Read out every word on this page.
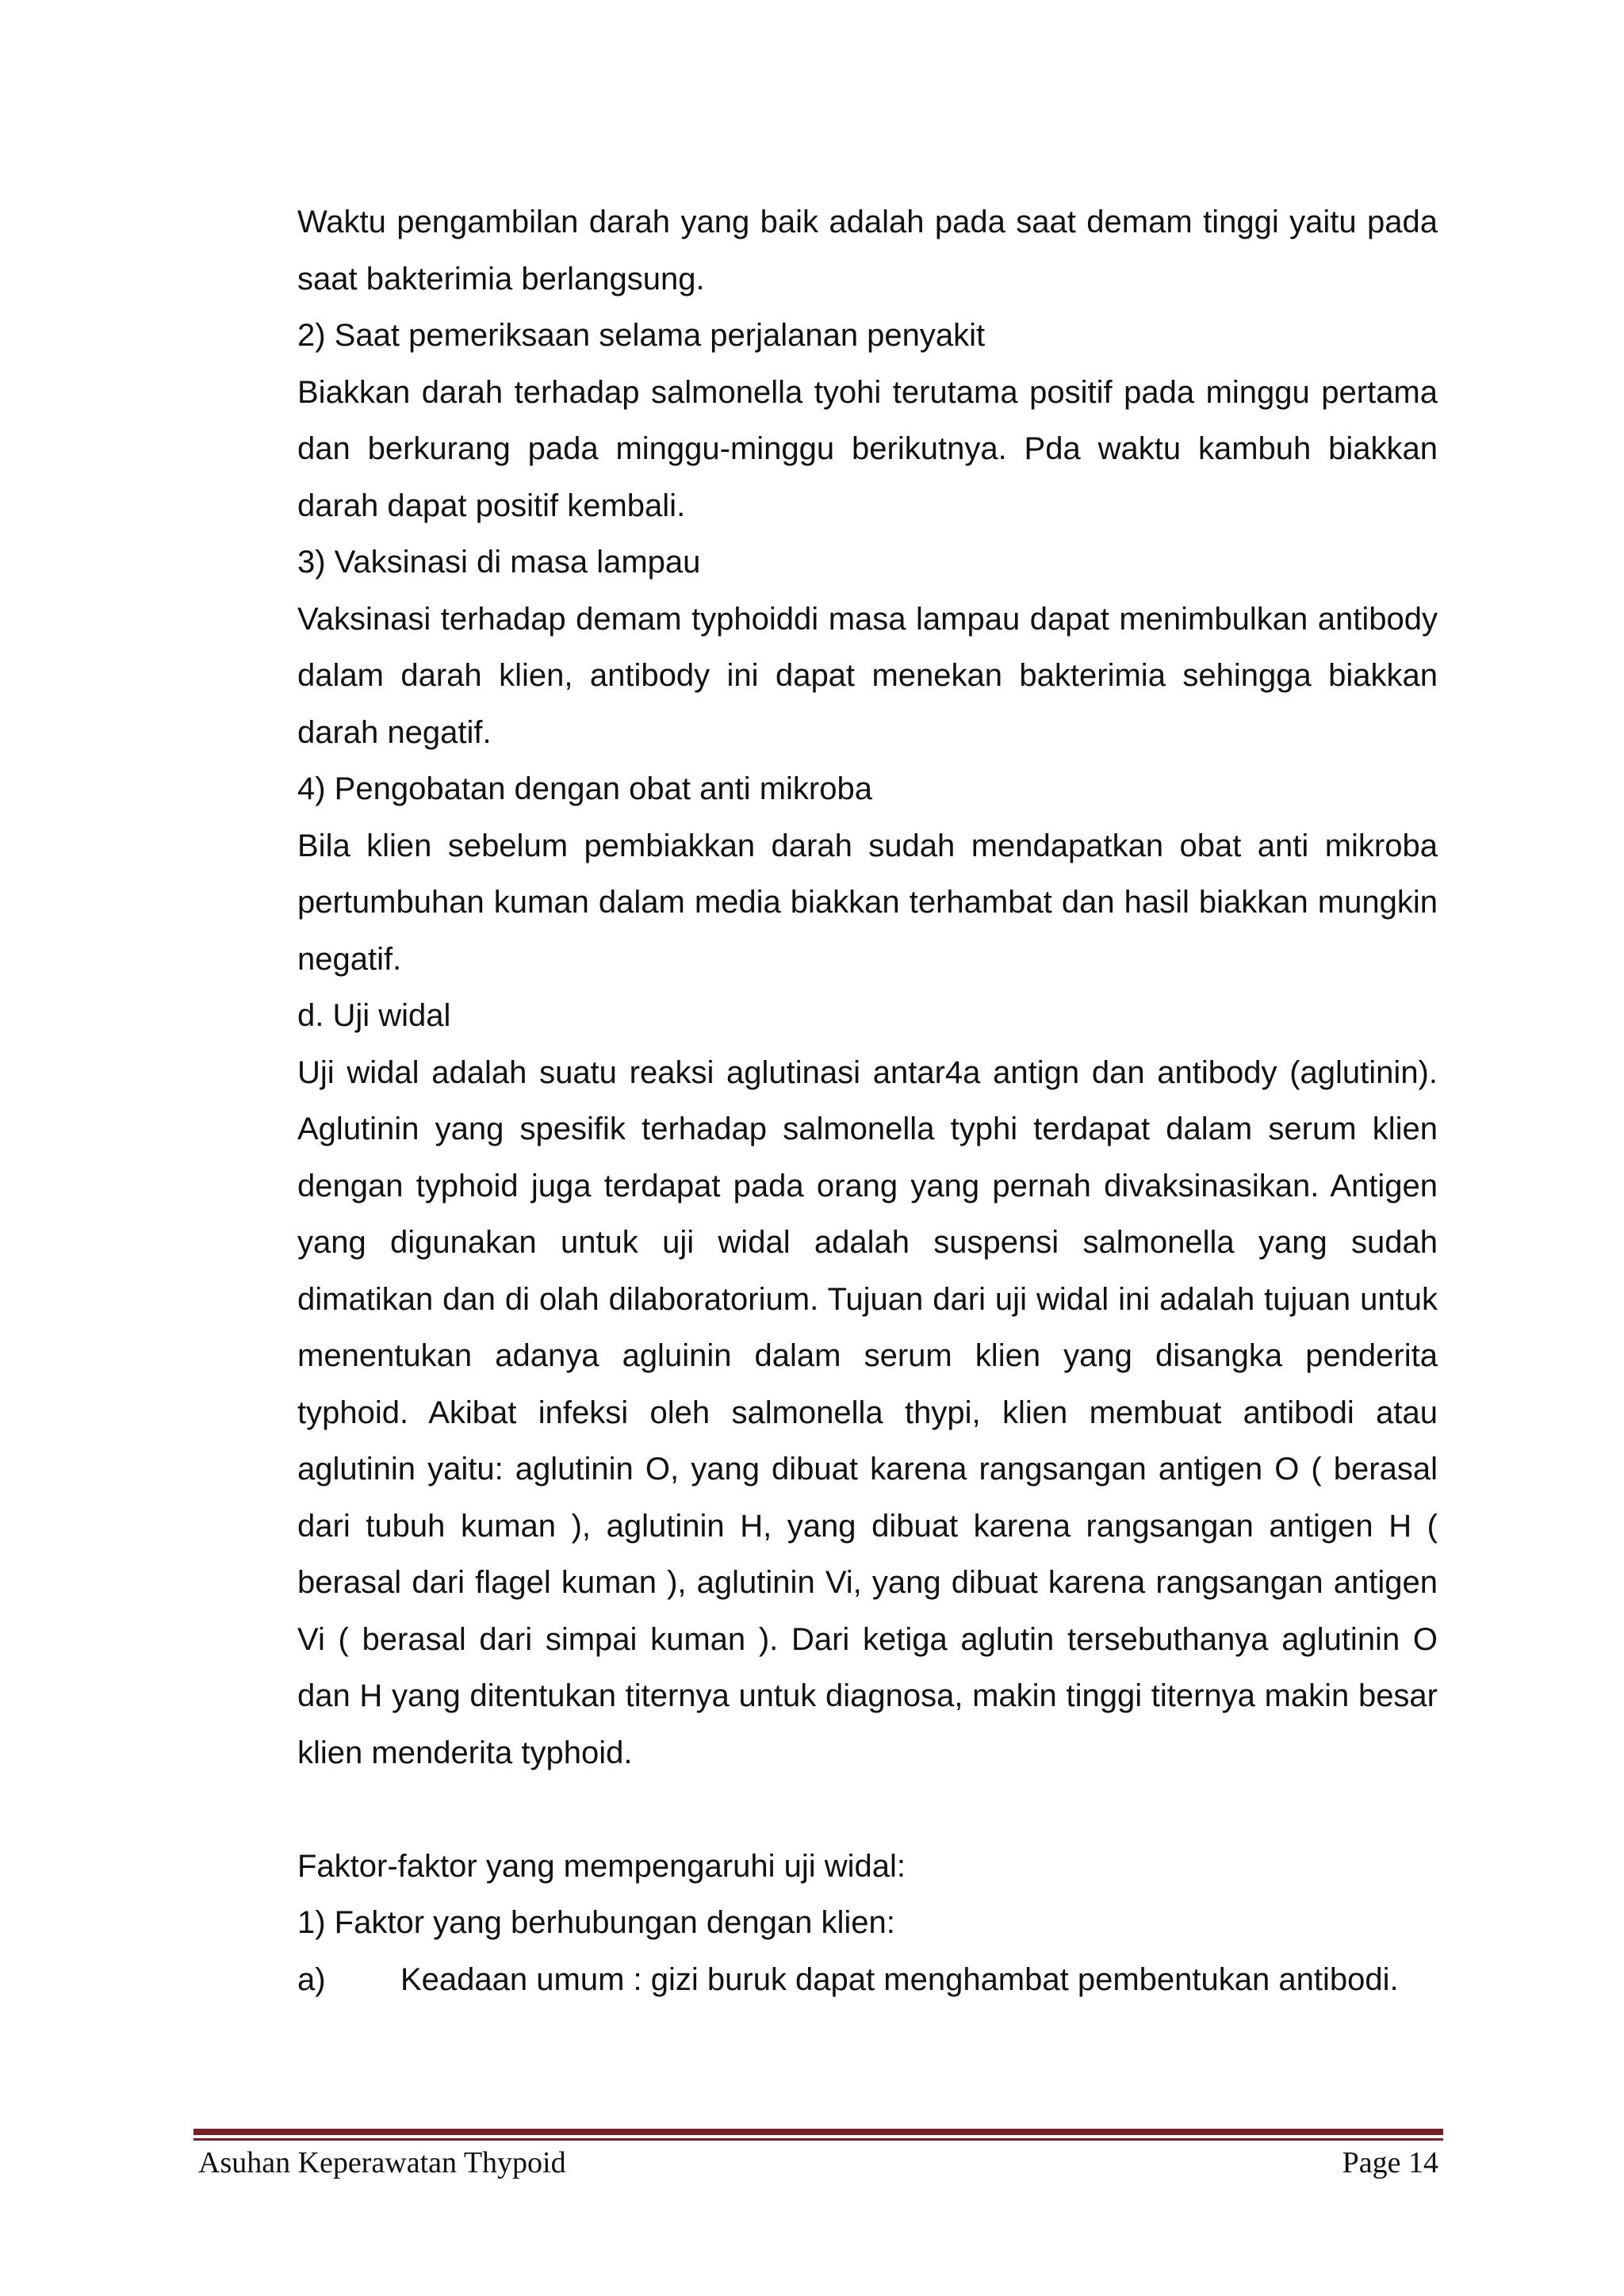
Waktu pengambilan darah yang baik adalah pada saat demam tinggi yaitu pada saat bakterimia berlangsung.

2) Saat pemeriksaan selama perjalanan penyakit

Biakkan darah terhadap salmonella tyohi terutama positif pada minggu pertama dan berkurang pada minggu-minggu berikutnya. Pda waktu kambuh biakkan darah dapat positif kembali.

3) Vaksinasi di masa lampau

Vaksinasi terhadap demam typhoiddi masa lampau dapat menimbulkan antibody dalam darah klien, antibody ini dapat menekan bakterimia sehingga biakkan darah negatif.

4) Pengobatan dengan obat anti mikroba

Bila klien sebelum pembiakkan darah sudah mendapatkan obat anti mikroba pertumbuhan kuman dalam media biakkan terhambat dan hasil biakkan mungkin negatif.

d. Uji widal

Uji widal adalah suatu reaksi aglutinasi antar4a antign dan antibody (aglutinin). Aglutinin yang spesifik terhadap salmonella typhi terdapat dalam serum klien dengan typhoid juga terdapat pada orang yang pernah divaksinasikan. Antigen yang digunakan untuk uji widal adalah suspensi salmonella yang sudah dimatikan dan di olah dilaboratorium. Tujuan dari uji widal ini adalah tujuan untuk menentukan adanya agluinin dalam serum klien yang disangka penderita typhoid. Akibat infeksi oleh salmonella thypi, klien membuat antibodi atau aglutinin yaitu: aglutinin O, yang dibuat karena rangsangan antigen O ( berasal dari tubuh kuman ), aglutinin H, yang dibuat karena rangsangan antigen H ( berasal dari flagel kuman ), aglutinin Vi, yang dibuat karena rangsangan antigen Vi ( berasal dari simpai kuman ). Dari ketiga aglutin tersebuthanya aglutinin O dan H yang ditentukan titernya untuk diagnosa, makin tinggi titernya makin besar klien menderita typhoid.

Faktor-faktor yang mempengaruhi uji widal:

1) Faktor yang berhubungan dengan klien:

a) Keadaan umum : gizi buruk dapat menghambat pembentukan antibodi.

Asuhan Keperawatan Thypoid	Page 14
